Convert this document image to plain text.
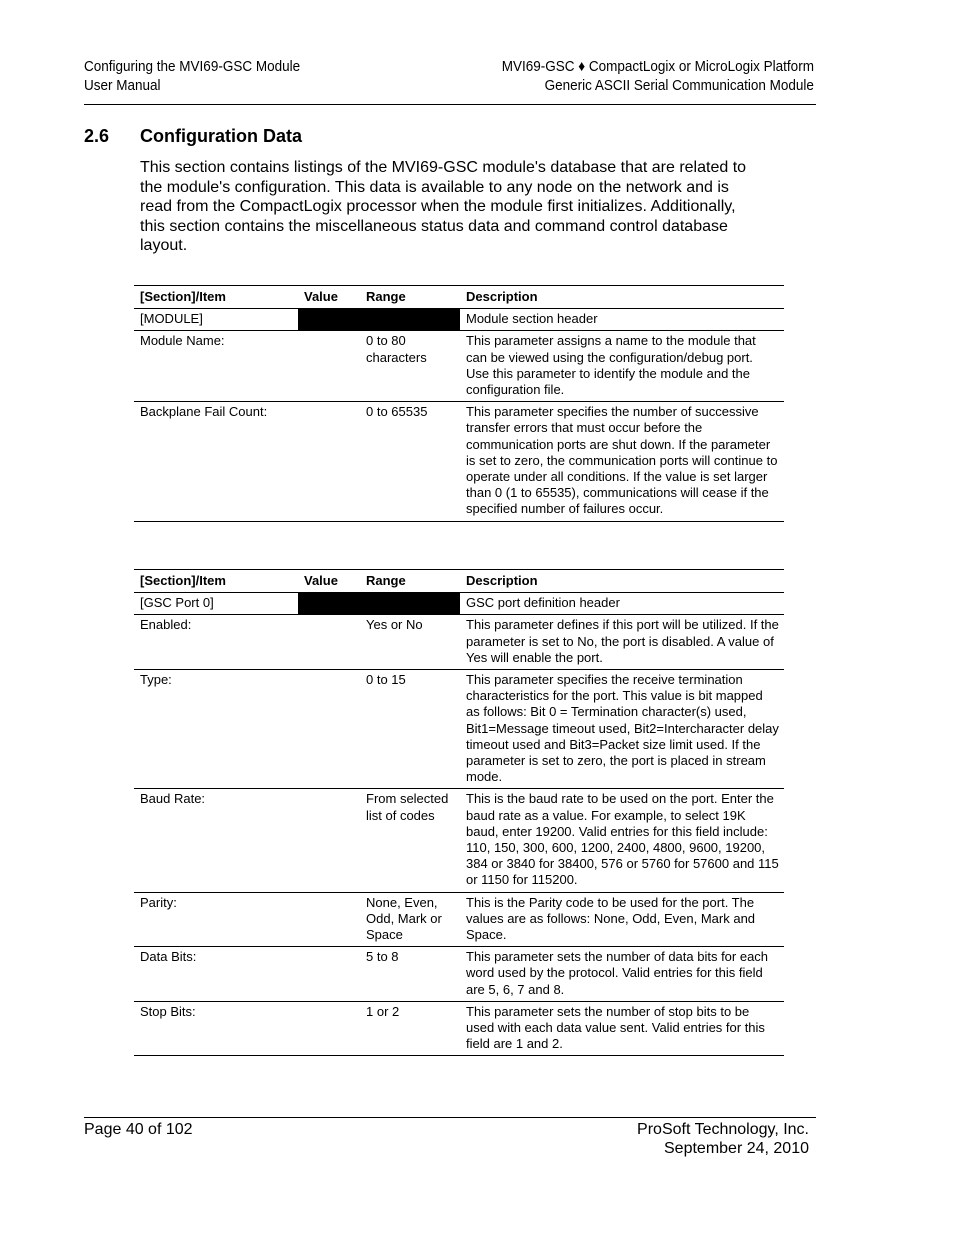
Configuring the MVI69-GSC Module
User Manual
MVI69-GSC ♦ CompactLogix or MicroLogix Platform
Generic ASCII Serial Communication Module
2.6 Configuration Data

This section contains listings of the MVI69-GSC module's database that are related to the module's configuration. This data is available to any node on the network and is read from the CompactLogix processor when the module first initializes. Additionally, this section contains the miscellaneous status data and command control database layout.

[Section]/Item	Value	Range	Description
[MODULE]			Module section header
Module Name:		0 to 80 characters	This parameter assigns a name to the module that can be viewed using the configuration/debug port. Use this parameter to identify the module and the configuration file.
Backplane Fail Count:		0 to 65535	This parameter specifies the number of successive transfer errors that must occur before the communication ports are shut down. If the parameter is set to zero, the communication ports will continue to operate under all conditions. If the value is set larger than 0 (1 to 65535), communications will cease if the specified number of failures occur.
[Section]/Item	Value	Range	Description
[GSC Port 0]			GSC port definition header
Enabled:		Yes or No	This parameter defines if this port will be utilized. If the parameter is set to No, the port is disabled. A value of Yes will enable the port.
Type:		0 to 15	This parameter specifies the receive termination characteristics for the port. This value is bit mapped as follows: Bit 0 = Termination character(s) used, Bit1=Message timeout used, Bit2=Intercharacter delay timeout used and Bit3=Packet size limit used. If the parameter is set to zero, the port is placed in stream mode.
Baud Rate:		From selected list of codes	This is the baud rate to be used on the port. Enter the baud rate as a value. For example, to select 19K baud, enter 19200. Valid entries for this field include: 110, 150, 300, 600, 1200, 2400, 4800, 9600, 19200, 384 or 3840 for 38400, 576 or 5760 for 57600 and 115 or 1150 for 115200.
Parity:		None, Even, Odd, Mark or Space	This is the Parity code to be used for the port. The values are as follows: None, Odd, Even, Mark and Space.
Data Bits:		5 to 8	This parameter sets the number of data bits for each word used by the protocol. Valid entries for this field are 5, 6, 7 and 8.
Stop Bits:		1 or 2	This parameter sets the number of stop bits to be used with each data value sent. Valid entries for this field are 1 and 2.
Page 40 of 102	ProSoft Technology, Inc.
September 24, 2010
